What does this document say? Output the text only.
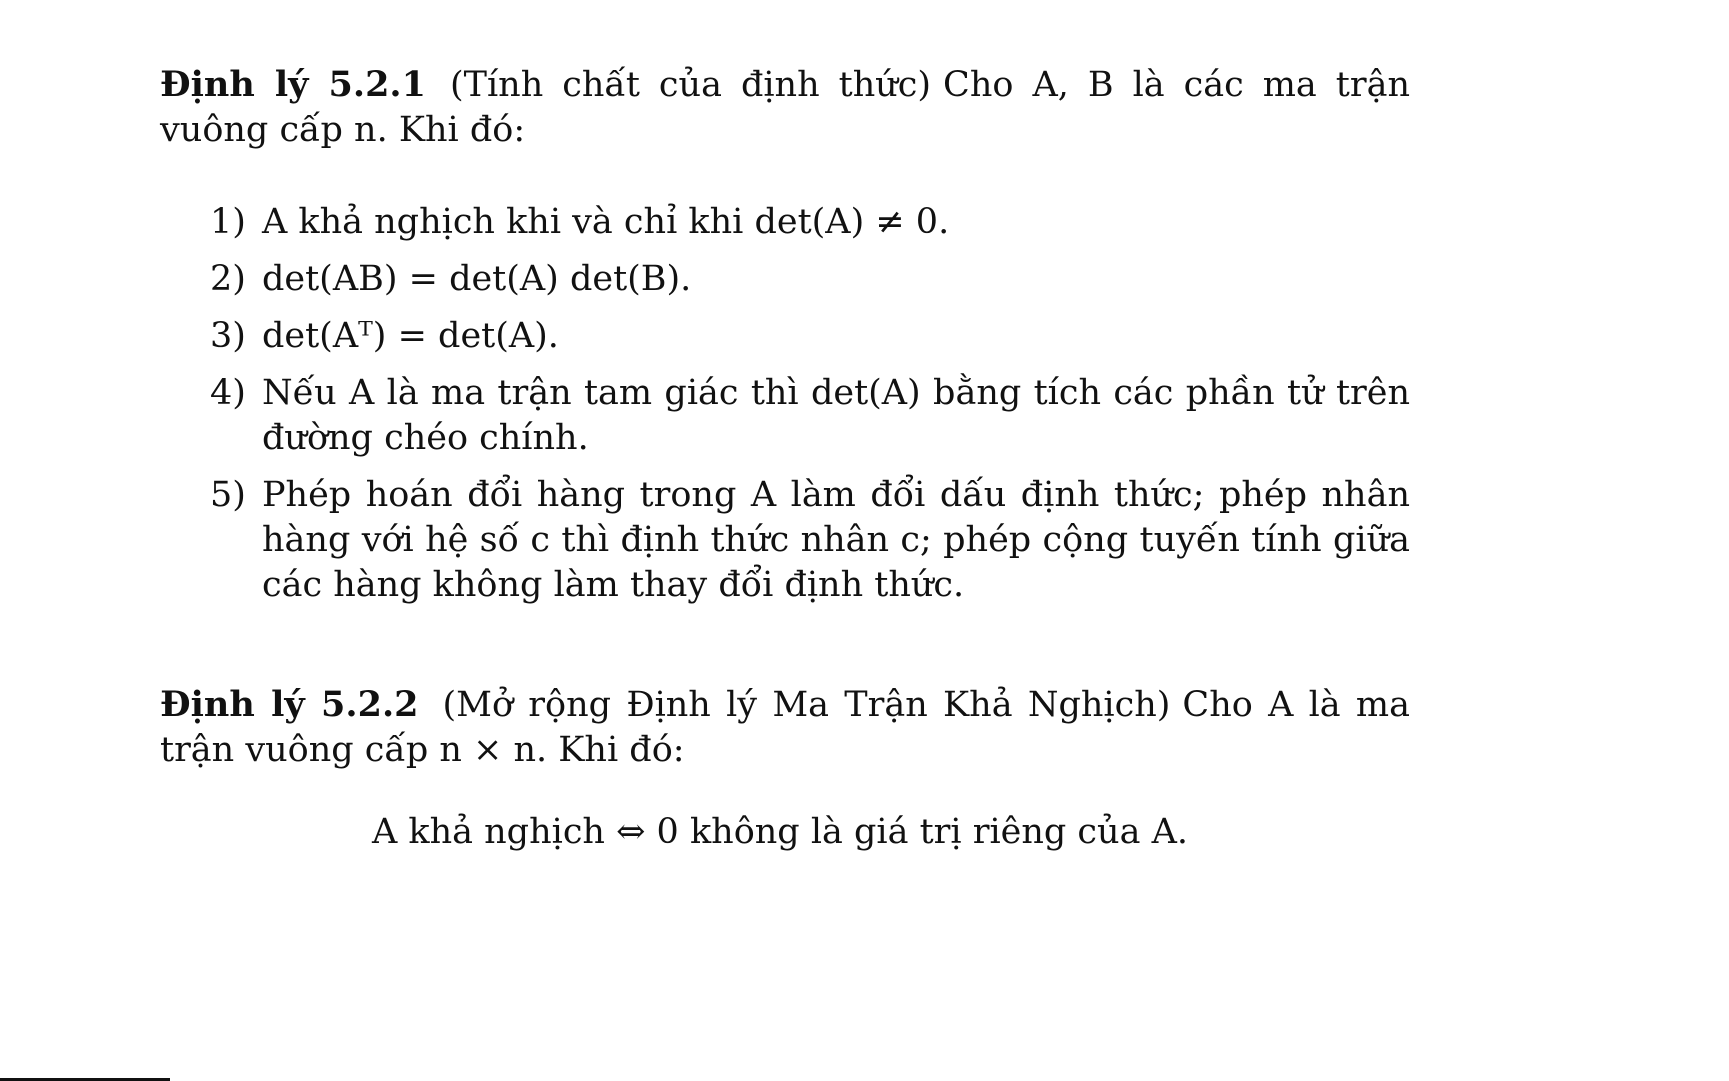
Định lý 5.2.1 (Tính chất của định thức) Cho A, B là các ma trận vuông cấp n. Khi đó:
1) A khả nghịch khi và chỉ khi det(A) ≠ 0.
2) det(AB) = det(A) det(B).
3) det(Aᵀ) = det(A).
4) Nếu A là ma trận tam giác thì det(A) bằng tích các phần tử trên đường chéo chính.
5) Phép hoán đổi hàng trong A làm đổi dấu định thức; phép nhân hàng với hệ số c thì định thức nhân c; phép cộng tuyến tính giữa các hàng không làm thay đổi định thức.
Định lý 5.2.2 (Mở rộng Định lý Ma Trận Khả Nghịch) Cho A là ma trận vuông cấp n × n. Khi đó:
A khả nghịch ⇔ 0 không là giá trị riêng của A.
